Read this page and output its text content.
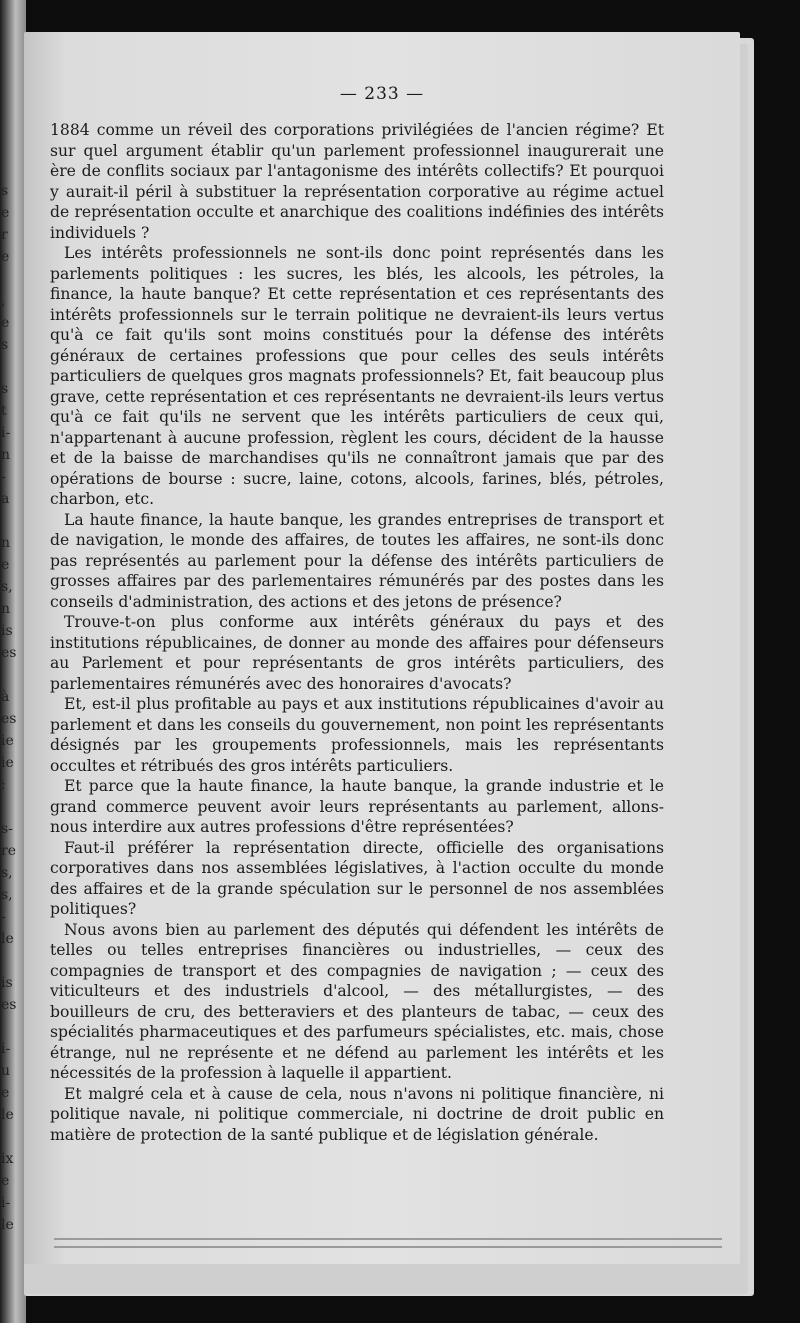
s
e
r
e

,
e
s

s
t
i-
n
-
a

n
e
s,
n
is
es

à
es
ie
ie
:

s-
re
s,
s,
-
le

is
es

i-
u
e
le

ix
e
i-
le
— 233 —

1884 comme un réveil des corporations privilégiées de l'ancien régime? Et sur quel argument établir qu'un parlement professionnel inaugurerait une ère de conflits sociaux par l'antagonisme des intérêts collectifs? Et pourquoi y aurait-il péril à substituer la représentation corporative au régime actuel de représentation occulte et anarchique des coalitions indéfinies des intérêts individuels ?

Les intérêts professionnels ne sont-ils donc point représentés dans les parlements politiques : les sucres, les blés, les alcools, les pétroles, la finance, la haute banque? Et cette représentation et ces représentants des intérêts professionnels sur le terrain politique ne devraient-ils leurs vertus qu'à ce fait qu'ils sont moins constitués pour la défense des intérêts généraux de certaines professions que pour celles des seuls intérêts particuliers de quelques gros magnats professionnels? Et, fait beaucoup plus grave, cette représentation et ces représentants ne devraient-ils leurs vertus qu'à ce fait qu'ils ne servent que les intérêts particuliers de ceux qui, n'appartenant à aucune profession, règlent les cours, décident de la hausse et de la baisse de marchandises qu'ils ne connaîtront jamais que par des opérations de bourse : sucre, laine, cotons, alcools, farines, blés, pétroles, charbon, etc.

La haute finance, la haute banque, les grandes entreprises de transport et de navigation, le monde des affaires, de toutes les affaires, ne sont-ils donc pas représentés au parlement pour la défense des intérêts particuliers de grosses affaires par des parlementaires rémunérés par des postes dans les conseils d'administration, des actions et des jetons de présence?

Trouve-t-on plus conforme aux intérêts généraux du pays et des institutions républicaines, de donner au monde des affaires pour défenseurs au Parlement et pour représentants de gros intérêts particuliers, des parlementaires rémunérés avec des honoraires d'avocats?

Et, est-il plus profitable au pays et aux institutions républicaines d'avoir au parlement et dans les conseils du gouvernement, non point les représentants désignés par les groupements professionnels, mais les représentants occultes et rétribués des gros intérêts particuliers.

Et parce que la haute finance, la haute banque, la grande industrie et le grand commerce peuvent avoir leurs représentants au parlement, allons-nous interdire aux autres professions d'être représentées?

Faut-il préférer la représentation directe, officielle des organisations corporatives dans nos assemblées législatives, à l'action occulte du monde des affaires et de la grande spéculation sur le personnel de nos assemblées politiques?

Nous avons bien au parlement des députés qui défendent les intérêts de telles ou telles entreprises financières ou industrielles, — ceux des compagnies de transport et des compagnies de navigation ; — ceux des viticulteurs et des industriels d'alcool, — des métallurgistes, — des bouilleurs de cru, des betteraviers et des planteurs de tabac, — ceux des spécialités pharmaceutiques et des parfumeurs spécialistes, etc. mais, chose étrange, nul ne représente et ne défend au parlement les intérêts et les nécessités de la profession à laquelle il appartient.

Et malgré cela et à cause de cela, nous n'avons ni politique financière, ni politique navale, ni politique commerciale, ni doctrine de droit public en matière de protection de la santé publique et de législation générale.
